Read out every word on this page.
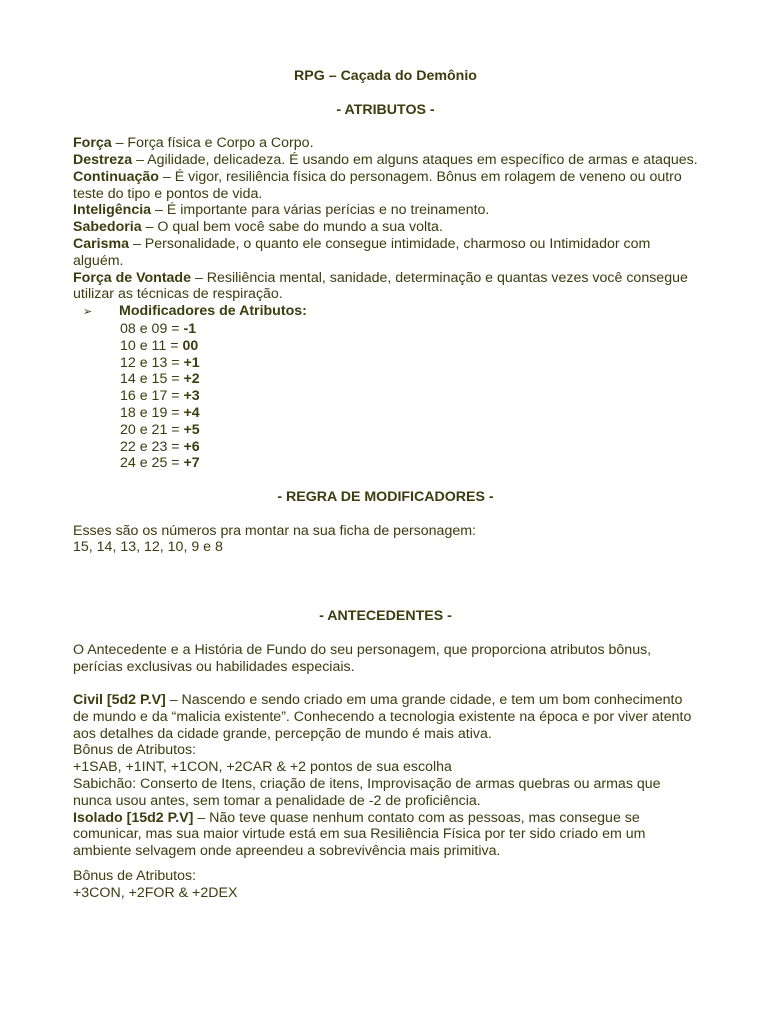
RPG – Caçada do Demônio

- ATRIBUTOS -

Força – Força física e Corpo a Corpo.

Destreza – Agilidade, delicadeza. É usando em alguns ataques em específico de armas e ataques.

Continuação – É vigor, resiliência física do personagem. Bônus em rolagem de veneno ou outro teste do tipo e pontos de vida.

Inteligência – É importante para várias perícias e no treinamento.

Sabedoria – O qual bem você sabe do mundo a sua volta.

Carisma – Personalidade, o quanto ele consegue intimidade, charmoso ou Intimidador com alguém.

Força de Vontade – Resiliência mental, sanidade, determinação e quantas vezes você consegue utilizar as técnicas de respiração.

➢	Modificadores de Atributos:

08 e 09 = -1

10 e 11 = 00

12 e 13 = +1

14 e 15 = +2

16 e 17 = +3

18 e 19 = +4

20 e 21 = +5

22 e 23 = +6

24 e 25 = +7

- REGRA DE MODIFICADORES -

Esses são os números pra montar na sua ficha de personagem:

15, 14, 13, 12, 10, 9 e 8

- ANTECEDENTES -

O Antecedente e a História de Fundo do seu personagem, que proporciona atributos bônus, perícias exclusivas ou habilidades especiais.

Civil [5d2 P.V] – Nascendo e sendo criado em uma grande cidade, e tem um bom conhecimento de mundo e da “malicia existente”. Conhecendo a tecnologia existente na época e por viver atento aos detalhes da cidade grande, percepção de mundo é mais ativa.

Bônus de Atributos:

+1SAB, +1INT, +1CON, +2CAR & +2 pontos de sua escolha

Sabichão: Conserto de Itens, criação de itens, Improvisação de armas quebras ou armas que nunca usou antes, sem tomar a penalidade de -2 de proficiência.

Isolado [15d2 P.V] – Não teve quase nenhum contato com as pessoas, mas consegue se comunicar, mas sua maior virtude está em sua Resiliência Física por ter sido criado em um ambiente selvagem onde apreendeu a sobrevivência mais primitiva.

Bônus de Atributos:

+3CON, +2FOR & +2DEX
